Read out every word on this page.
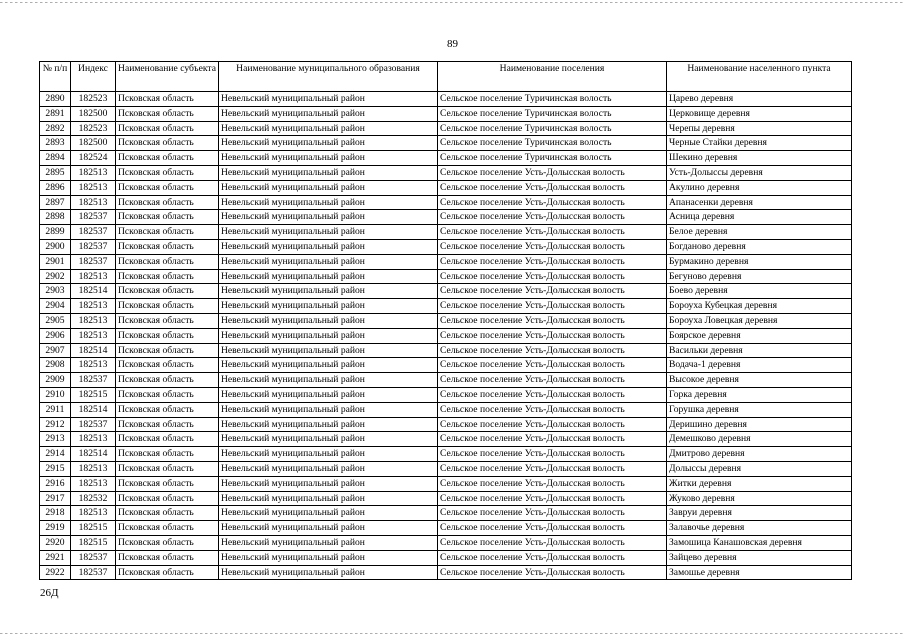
89
№ п/п	Индекс	Наименование субъекта	Наименование муниципального образования	Наименование поселения	Наименование населенного пункта
2890	182523	Псковская область	Невельский муниципальный район	Сельское поселение Туричинская волость	Царево деревня
2891	182500	Псковская область	Невельский муниципальный район	Сельское поселение Туричинская волость	Церковище деревня
2892	182523	Псковская область	Невельский муниципальный район	Сельское поселение Туричинская волость	Черепы деревня
2893	182500	Псковская область	Невельский муниципальный район	Сельское поселение Туричинская волость	Черные Стайки деревня
2894	182524	Псковская область	Невельский муниципальный район	Сельское поселение Туричинская волость	Шекино деревня
2895	182513	Псковская область	Невельский муниципальный район	Сельское поселение Усть-Долысская волость	Усть-Долыссы деревня
2896	182513	Псковская область	Невельский муниципальный район	Сельское поселение Усть-Долысская волость	Акулино деревня
2897	182513	Псковская область	Невельский муниципальный район	Сельское поселение Усть-Долысская волость	Апанасенки деревня
2898	182537	Псковская область	Невельский муниципальный район	Сельское поселение Усть-Долысская волость	Асница деревня
2899	182537	Псковская область	Невельский муниципальный район	Сельское поселение Усть-Долысская волость	Белое деревня
2900	182537	Псковская область	Невельский муниципальный район	Сельское поселение Усть-Долысская волость	Богданово деревня
2901	182537	Псковская область	Невельский муниципальный район	Сельское поселение Усть-Долысская волость	Бурмакино деревня
2902	182513	Псковская область	Невельский муниципальный район	Сельское поселение Усть-Долысская волость	Бегуново деревня
2903	182514	Псковская область	Невельский муниципальный район	Сельское поселение Усть-Долысская волость	Боево деревня
2904	182513	Псковская область	Невельский муниципальный район	Сельское поселение Усть-Долысская волость	Бороуха Кубецкая деревня
2905	182513	Псковская область	Невельский муниципальный район	Сельское поселение Усть-Долысская волость	Бороуха Ловецкая деревня
2906	182513	Псковская область	Невельский муниципальный район	Сельское поселение Усть-Долысская волость	Боярское деревня
2907	182514	Псковская область	Невельский муниципальный район	Сельское поселение Усть-Долысская волость	Васильки деревня
2908	182513	Псковская область	Невельский муниципальный район	Сельское поселение Усть-Долысская волость	Водача-1 деревня
2909	182537	Псковская область	Невельский муниципальный район	Сельское поселение Усть-Долысская волость	Высокое деревня
2910	182515	Псковская область	Невельский муниципальный район	Сельское поселение Усть-Долысская волость	Горка деревня
2911	182514	Псковская область	Невельский муниципальный район	Сельское поселение Усть-Долысская волость	Горушка деревня
2912	182537	Псковская область	Невельский муниципальный район	Сельское поселение Усть-Долысская волость	Деришино деревня
2913	182513	Псковская область	Невельский муниципальный район	Сельское поселение Усть-Долысская волость	Демешково деревня
2914	182514	Псковская область	Невельский муниципальный район	Сельское поселение Усть-Долысская волость	Дмитрово деревня
2915	182513	Псковская область	Невельский муниципальный район	Сельское поселение Усть-Долысская волость	Долыссы деревня
2916	182513	Псковская область	Невельский муниципальный район	Сельское поселение Усть-Долысская волость	Житки деревня
2917	182532	Псковская область	Невельский муниципальный район	Сельское поселение Усть-Долысская волость	Жуково деревня
2918	182513	Псковская область	Невельский муниципальный район	Сельское поселение Усть-Долысская волость	Завруи деревня
2919	182515	Псковская область	Невельский муниципальный район	Сельское поселение Усть-Долысская волость	Залавочье деревня
2920	182515	Псковская область	Невельский муниципальный район	Сельское поселение Усть-Долысская волость	Замошица Канашовская деревня
2921	182537	Псковская область	Невельский муниципальный район	Сельское поселение Усть-Долысская волость	Зайцево деревня
2922	182537	Псковская область	Невельский муниципальный район	Сельское поселение Усть-Долысская волость	Замошье деревня
26Д
